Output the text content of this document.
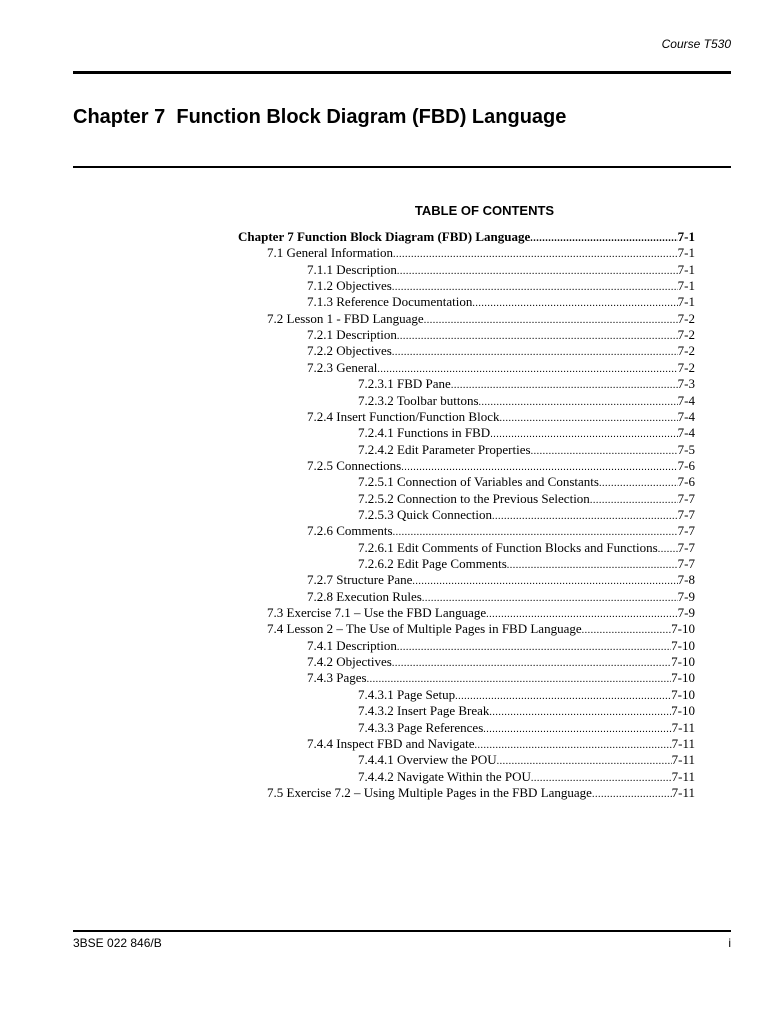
Course T530
Chapter 7  Function Block Diagram (FBD) Language
TABLE OF CONTENTS
Chapter 7 Function Block Diagram (FBD) Language .....	7-1
7.1 General Information .....	7-1
7.1.1 Description .....	7-1
7.1.2 Objectives .....	7-1
7.1.3 Reference Documentation .....	7-1
7.2 Lesson 1 - FBD Language .....	7-2
7.2.1 Description .....	7-2
7.2.2 Objectives .....	7-2
7.2.3 General .....	7-2
7.2.3.1 FBD Pane .....	7-3
7.2.3.2 Toolbar buttons .....	7-4
7.2.4 Insert Function/Function Block .....	7-4
7.2.4.1 Functions in FBD .....	7-4
7.2.4.2 Edit Parameter Properties .....	7-5
7.2.5 Connections .....	7-6
7.2.5.1 Connection of Variables and Constants .....	7-6
7.2.5.2 Connection to the Previous Selection .....	7-7
7.2.5.3 Quick Connection .....	7-7
7.2.6 Comments .....	7-7
7.2.6.1 Edit Comments of Function Blocks and Functions ..... 7-7
7.2.6.2 Edit Page Comments .....	7-7
7.2.7 Structure Pane .....	7-8
7.2.8 Execution Rules .....	7-9
7.3 Exercise 7.1 – Use the FBD Language .....	7-9
7.4 Lesson 2 – The Use of Multiple Pages in FBD Language .....	7-10
7.4.1 Description .....	7-10
7.4.2 Objectives .....	7-10
7.4.3 Pages .....	7-10
7.4.3.1 Page Setup .....	7-10
7.4.3.2 Insert Page Break .....	7-10
7.4.3.3 Page References .....	7-11
7.4.4 Inspect FBD and Navigate .....	7-11
7.4.4.1 Overview the POU .....	7-11
7.4.4.2 Navigate Within the POU .....	7-11
7.5 Exercise 7.2 – Using Multiple Pages in the FBD Language .....	7-11
3BSE 022 846/B	i
